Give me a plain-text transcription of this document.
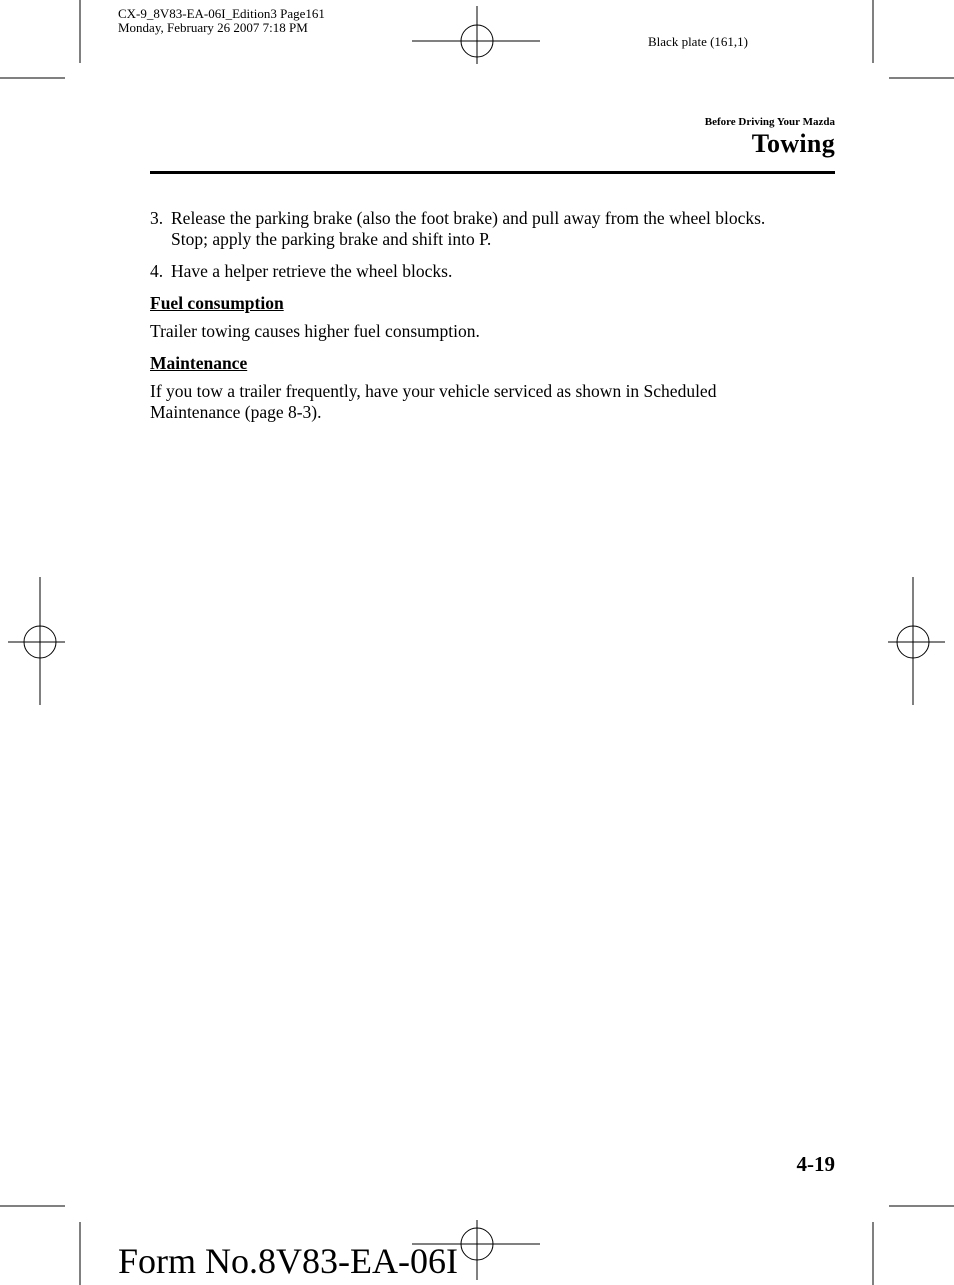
CX-9_8V83-EA-06I_Edition3 Page161
Monday, February 26 2007 7:18 PM
Black plate (161,1)
Before Driving Your Mazda
Towing
3. Release the parking brake (also the foot brake) and pull away from the wheel blocks.
Stop; apply the parking brake and shift into P.
4. Have a helper retrieve the wheel blocks.
Fuel consumption
Trailer towing causes higher fuel consumption.
Maintenance
If you tow a trailer frequently, have your vehicle serviced as shown in Scheduled
Maintenance (page 8-3).
4-19
Form No.8V83-EA-06I
